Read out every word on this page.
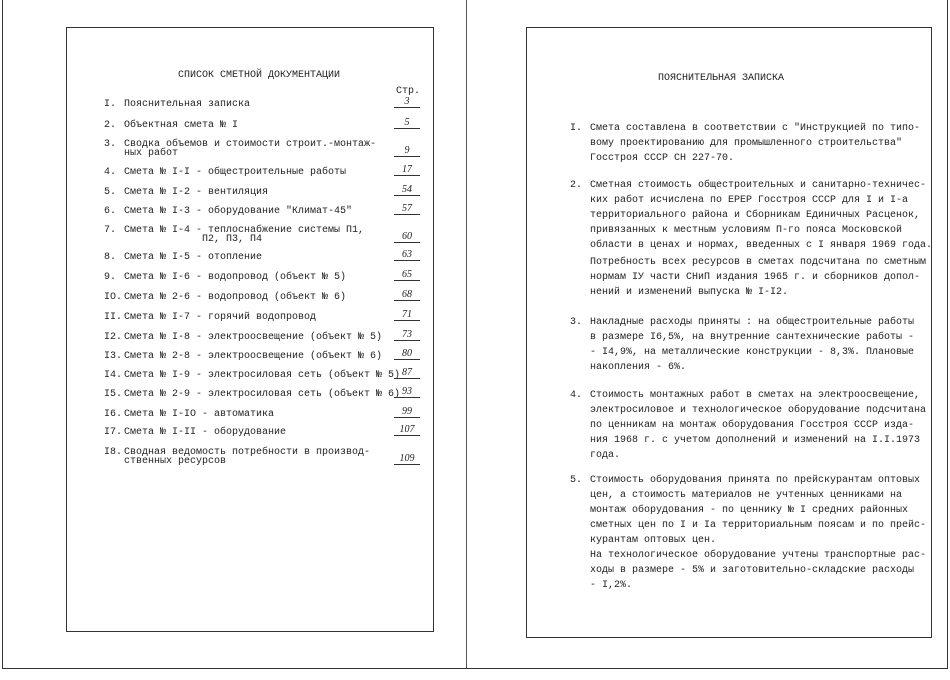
СПИСОК СМЕТНОЙ ДОКУМЕНТАЦИИ
Стр.
I. Пояснительная записка	3
2. Объектная смета № I	5
3. Сводка объемов и стоимости строит.-монтаж-
ных работ	9
4. Смета № I-I - общестроительные работы	17
5. Смета № I-2 - вентиляция	54
6. Смета № I-3 - оборудование "Климат-45"	57
7. Смета № I-4 - теплоснабжение системы П1,
П2, П3, П4	60
8. Смета № I-5 - отопление	63
9. Смета № I-6 - водопровод (объект № 5)	65
IO. Смета № 2-6 - водопровод (объект № 6)	68
II. Смета № I-7 - горячий водопровод	71
I2. Смета № I-8 - электроосвещение (объект № 5)	73
I3. Смета № 2-8 - электроосвещение (объект № 6)	80
I4. Смета № I-9 - электросиловая сеть (объект № 5) 87
I5. Смета № 2-9 - электросиловая сеть (объект № 6) 93
I6. Смета № I-IO - автоматика	99
I7. Смета № I-II - оборудование	107
I8. Сводная ведомость потребности в производ-
ственных ресурсов	109
ПОЯСНИТЕЛЬНАЯ ЗАПИСКА
I. Смета составлена в соответствии с "Инструкцией по типо-
вому проектированию для промышленного строительства"
Госстроя СССР СН 227-70.
2. Сметная стоимость общестроительных и санитарно-техничес-
ких работ исчислена по ЕРЕР Госстроя СССР для I и I-а
территориального района и Сборникам Единичных Расценок,
привязанных к местным условиям П-го пояса Московской
области в ценах и нормах, введенных с I января 1969 года.
Потребность всех ресурсов в сметах подсчитана по сметным
нормам IУ части СНиП издания 1965 г. и сборников допол-
нений и изменений выпуска № I-I2.
3. Накладные расходы приняты : на общестроительные работы
в размере I6,5%, на внутренние сантехнические работы -
- I4,9%, на металлические конструкции - 8,3%. Плановые
накопления - 6%.
4. Стоимость монтажных работ в сметах на электроосвещение,
электросиловое и технологическое оборудование подсчитана
по ценникам на монтаж оборудования Госстроя СССР изда-
ния 1968 г. с учетом дополнений и изменений на I.I.1973
года.
5. Стоимость оборудования принята по прейскурантам оптовых
цен, а стоимость материалов не учтенных ценниками на
монтаж оборудования - по ценнику № I средних районных
сметных цен по I и Iа территориальным поясам и по прейс-
курантам оптовых цен.
На технологическое оборудование учтены транспортные рас-
ходы в размере - 5% и заготовительно-складские расходы
- I,2%.
